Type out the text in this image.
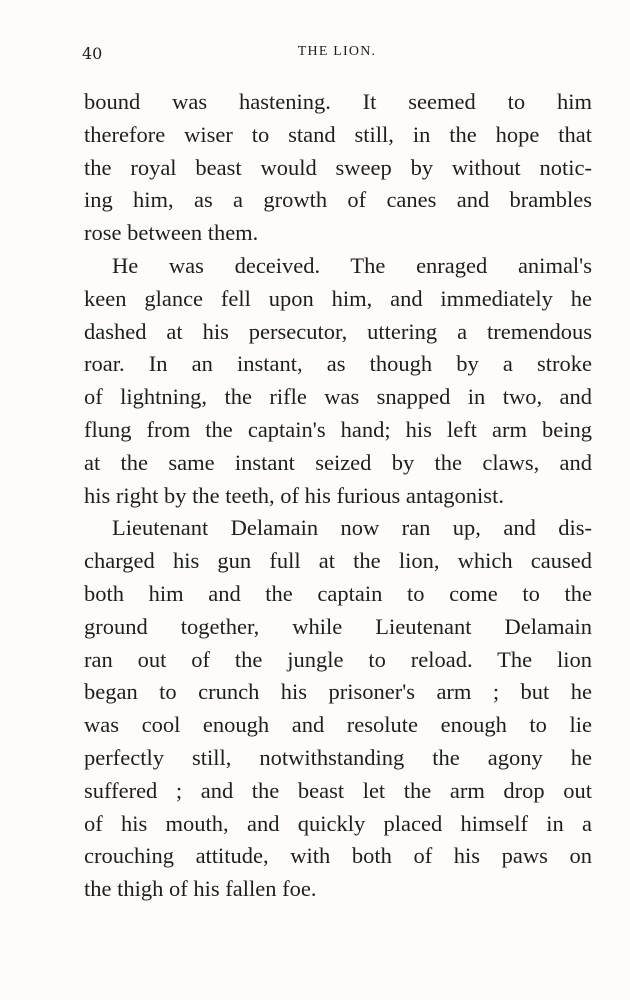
40	THE LION.
bound was hastening. It seemed to him
therefore wiser to stand still, in the hope that
the royal beast would sweep by without notic-
ing him, as a growth of canes and brambles
rose between them.
He was deceived. The enraged animal's
keen glance fell upon him, and immediately he
dashed at his persecutor, uttering a tremendous
roar. In an instant, as though by a stroke
of lightning, the rifle was snapped in two, and
flung from the captain's hand; his left arm being
at the same instant seized by the claws, and
his right by the teeth, of his furious antagonist.
Lieutenant Delamain now ran up, and dis-
charged his gun full at the lion, which caused
both him and the captain to come to the
ground together, while Lieutenant Delamain
ran out of the jungle to reload. The lion
began to crunch his prisoner's arm ; but he
was cool enough and resolute enough to lie
perfectly still, notwithstanding the agony he
suffered ; and the beast let the arm drop out
of his mouth, and quickly placed himself in a
crouching attitude, with both of his paws on
the thigh of his fallen foe.
